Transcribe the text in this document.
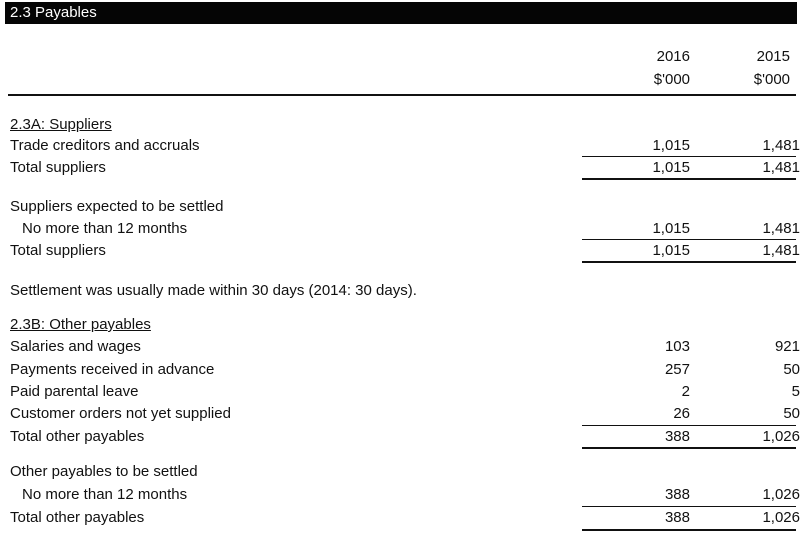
2.3 Payables
2016	2015
$'000	$'000
2.3A: Suppliers
Trade creditors and accruals	1,015	1,481
Total suppliers	1,015	1,481
Suppliers expected to be settled
No more than 12 months	1,015	1,481
Total suppliers	1,015	1,481
Settlement was usually made within 30 days (2014: 30 days).
2.3B: Other payables
Salaries and wages	103	921
Payments received in advance	257	50
Paid parental leave	2	5
Customer orders not yet supplied	26	50
Total other payables	388	1,026
Other payables to be settled
No more than 12 months	388	1,026
Total other payables	388	1,026
